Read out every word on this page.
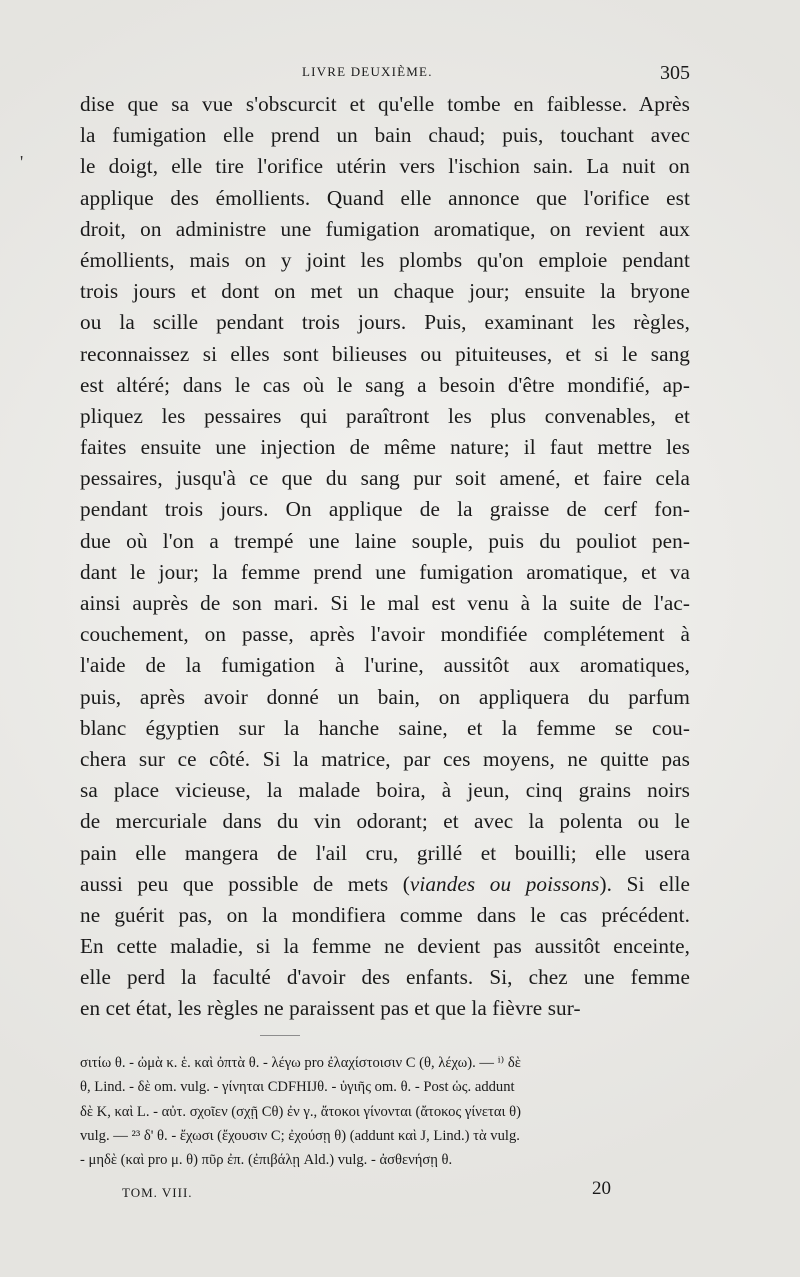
LIVRE DEUXIÈME.	305
'
dise que sa vue s'obscurcit et qu'elle tombe en faiblesse. Après
la fumigation elle prend un bain chaud; puis, touchant avec
le doigt, elle tire l'orifice utérin vers l'ischion sain. La nuit on
applique des émollients. Quand elle annonce que l'orifice est
droit, on administre une fumigation aromatique, on revient aux
émollients, mais on y joint les plombs qu'on emploie pendant
trois jours et dont on met un chaque jour; ensuite la bryone
ou la scille pendant trois jours. Puis, examinant les règles,
reconnaissez si elles sont bilieuses ou pituiteuses, et si le sang
est altéré; dans le cas où le sang a besoin d'être mondifié, ap-
pliquez les pessaires qui paraîtront les plus convenables, et
faites ensuite une injection de même nature; il faut mettre les
pessaires, jusqu'à ce que du sang pur soit amené, et faire cela
pendant trois jours. On applique de la graisse de cerf fon-
due où l'on a trempé une laine souple, puis du pouliot pen-
dant le jour; la femme prend une fumigation aromatique, et va
ainsi auprès de son mari. Si le mal est venu à la suite de l'ac-
couchement, on passe, après l'avoir mondifiée complétement à
l'aide de la fumigation à l'urine, aussitôt aux aromatiques,
puis, après avoir donné un bain, on appliquera du parfum
blanc égyptien sur la hanche saine, et la femme se cou-
chera sur ce côté. Si la matrice, par ces moyens, ne quitte pas
sa place vicieuse, la malade boira, à jeun, cinq grains noirs
de mercuriale dans du vin odorant; et avec la polenta ou le
pain elle mangera de l'ail cru, grillé et bouilli; elle usera
aussi peu que possible de mets (viandes ou poissons). Si elle
ne guérit pas, on la mondifiera comme dans le cas précédent.
En cette maladie, si la femme ne devient pas aussitôt enceinte,
elle perd la faculté d'avoir des enfants. Si, chez une femme
en cet état, les règles ne paraissent pas et que la fièvre sur-
σιτίω θ. - ὠμὰ κ. ἑ. καὶ ὀπτὰ θ. - λέγω pro ἐλαχίστοισιν C (θ, λέχω). — ⁱ⁾ δὲ
θ, Lind. - δὲ om. vulg. - γίνηται CDFHIJθ. - ὑγιῆς om. θ. - Post ὡς. addunt
δὲ K, καὶ L. - αὐτ. σχοῖεν (σχῇ Cθ) ἐν γ., ἄτοκοι γίνονται (ἄτοκος γίνεται θ)
vulg. — ²³ δ' θ. - ἔχωσι (ἔχουσιν C; ἐχούσῃ θ) (addunt καὶ J, Lind.) τὰ vulg.
- μηδὲ (καὶ pro μ. θ) πῦρ ἐπ. (ἐπιβάλῃ Ald.) vulg. - ἀσθενήσῃ θ.
TOM. VIII.	20
